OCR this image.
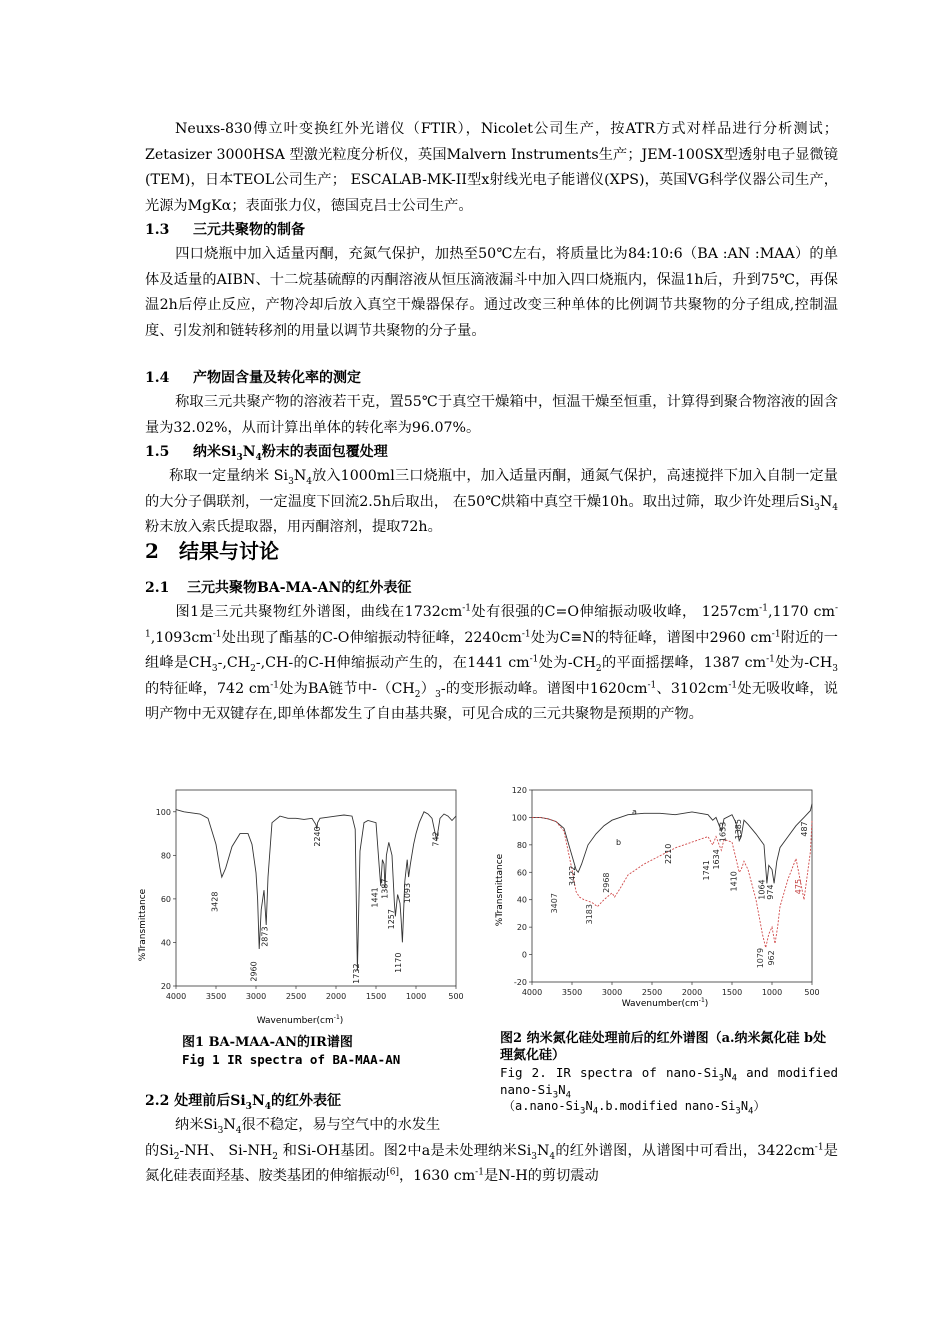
Neuxs-830傅立叶变换红外光谱仪（FTIR），Nicolet公司生产，按ATR方式对样品进行分析测试； Zetasizer 3000HSA 型激光粒度分析仪，英国Malvern Instruments生产；JEM-100SX型透射电子显微镜(TEM)，日本TEOL公司生产； ESCALAB-MK-II型x射线光电子能谱仪(XPS)，英国VG科学仪器公司生产，光源为MgKα；表面张力仪，德国克吕士公司生产。
1.3 三元共聚物的制备
四口烧瓶中加入适量丙酮，充氮气保护，加热至50℃左右，将质量比为84:10:6（BA :AN :MAA）的单体及适量的AIBN、十二烷基硫醇的丙酮溶液从恒压滴液漏斗中加入四口烧瓶内，保温1h后，升到75℃，再保温2h后停止反应，产物冷却后放入真空干燥器保存。通过改变三种单体的比例调节共聚物的分子组成,控制温度、引发剂和链转移剂的用量以调节共聚物的分子量。
1.4 产物固含量及转化率的测定
称取三元共聚产物的溶液若干克，置55℃于真空干燥箱中，恒温干燥至恒重，计算得到聚合物溶液的固含量为32.02%，从而计算出单体的转化率为96.07%。
1.5 纳米$Si_3N_4$粉末的表面包覆处理
称取一定量纳米 $Si_3N_4$放入1000ml三口烧瓶中，加入适量丙酮，通氮气保护，高速搅拌下加入自制一定量的大分子偶联剂，一定温度下回流2.5h后取出， 在50℃烘箱中真空干燥10h。取出过筛，取少许处理后$Si_3N_4$粉末放入索氏提取器，用丙酮溶剂，提取72h。
2 结果与讨论
2.1 三元共聚物BA-MA-AN的红外表征
图1是三元共聚物红外谱图，曲线在$1732cm^{-1}$处有很强的C=O伸缩振动吸收峰， $1257cm^{-1},1170$ $cm^{-1},1093cm^{-1}$处出现了酯基的C-O伸缩振动特征峰，$2240cm^{-1}$处为C≡N的特征峰，谱图中2960 $cm^{-1}$附近的一组峰是$CH_3-,CH_2-,CH-$的C-H伸缩振动产生的，在1441 $cm^{-1}$处为$-CH_2$的平面摇摆峰，1387 $cm^{-1}$处为$-CH_3$的特征峰，742 $cm^{-1}$处为BA链节中$-(CH_2)_3-$的变形振动峰。谱图中$1620cm^{-1}$、$3102cm^{-1}$处无吸收峰，说明产物中无双键存在,即单体都发生了自由基共聚，可见合成的三元共聚物是预期的产物。
%Transmittance
$Wavenumber(cm^{-1})$
4000 3500 3000 2500 2000 1500 1000	500
20
40
60
80
100
3428
2960
2873
2240
1732
1441 1387
1257
1170
1093
742
图1 BA-MAA-AN的IR谱图
Fig 1 IR spectra of BA-MAA-AN
%Transmittance
$Wavenumber(cm^{-1})$
4000 3500 3000 2500 2000 1500 1000	500
-20
0
20
40
60
80
100
120
a
b
3422
3407
3183
2968
2210
1741
1634
1633
1410
1385
1064
1079
974
962
475
487
图2 纳米氮化硅处理前后的红外谱图（a.纳米氮化硅 b处理氮化硅）
Fig 2. IR spectra of nano-$Si_3N_4$ and modified nano-$Si_3N_4$
（$a.nano-Si_3N_4.b.modified$ nano-$Si_3N_4$）
2.2 处理前后$Si_3N_4$的红外表征
纳米$Si_3N_4$很不稳定，易与空气中的水发生
的$Si_2-NH$、 $Si-NH_2$ 和Si-OH基团。图2中a是未处理纳米$Si_3N_4$的红外谱图，从谱图中可看出，$3422cm^{-1}$是氮化硅表面羟基、胺类基团的伸缩振动[6]，1630 $cm^{-1}$是N-H的剪切震动
